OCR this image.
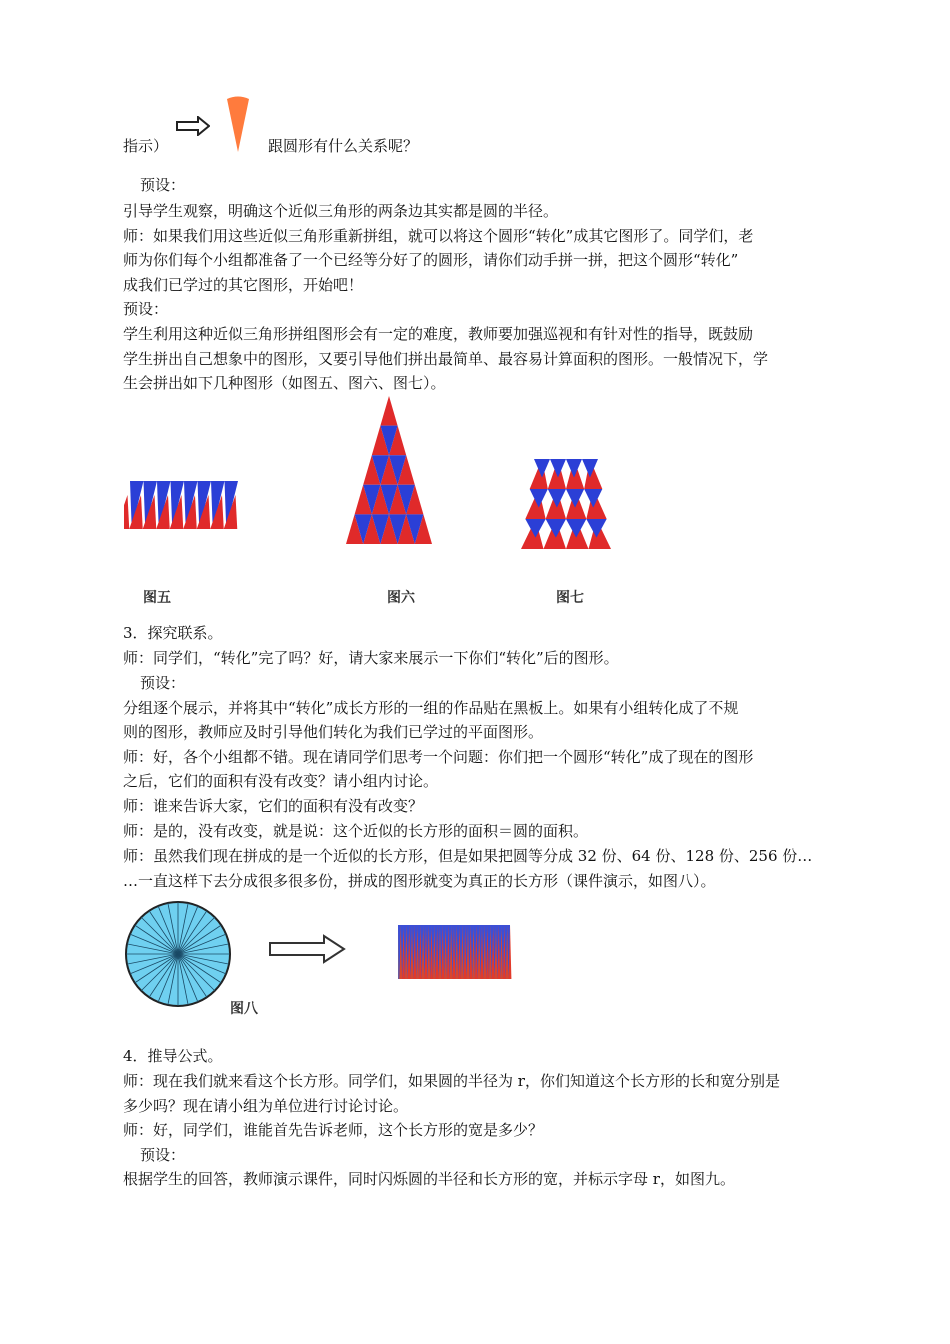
指示）	跟圆形有什么关系呢？
预设：
引导学生观察，明确这个近似三角形的两条边其实都是圆的半径。
师：如果我们用这些近似三角形重新拼组，就可以将这个圆形“转化”成其它图形了。同学们，老
师为你们每个小组都准备了一个已经等分好了的圆形，请你们动手拼一拼，把这个圆形“转化”
成我们已学过的其它图形，开始吧！
预设：
学生利用这种近似三角形拼组图形会有一定的难度，教师要加强巡视和有针对性的指导，既鼓励
学生拼出自己想象中的图形，又要引导他们拼出最简单、最容易计算面积的图形。一般情况下，学
生会拼出如下几种图形（如图五、图六、图七）。
图五	图六	图七
3．探究联系。
师：同学们，“转化”完了吗？好，请大家来展示一下你们“转化”后的图形。
预设：
分组逐个展示，并将其中“转化”成长方形的一组的作品贴在黑板上。如果有小组转化成了不规
则的图形，教师应及时引导他们转化为我们已学过的平面图形。
师：好，各个小组都不错。现在请同学们思考一个问题：你们把一个圆形“转化”成了现在的图形
之后，它们的面积有没有改变？请小组内讨论。
师：谁来告诉大家，它们的面积有没有改变？
师：是的，没有改变，就是说：这个近似的长方形的面积＝圆的面积。
师：虽然我们现在拼成的是一个近似的长方形，但是如果把圆等分成 32 份、64 份、128 份、256 份…
…一直这样下去分成很多很多份，拼成的图形就变为真正的长方形（课件演示，如图八）。
图八
4．推导公式。
师：现在我们就来看这个长方形。同学们，如果圆的半径为 r，你们知道这个长方形的长和宽分别是
多少吗？现在请小组为单位进行讨论讨论。
师：好，同学们，谁能首先告诉老师，这个长方形的宽是多少？
预设：
根据学生的回答，教师演示课件，同时闪烁圆的半径和长方形的宽，并标示字母 r，如图九。
